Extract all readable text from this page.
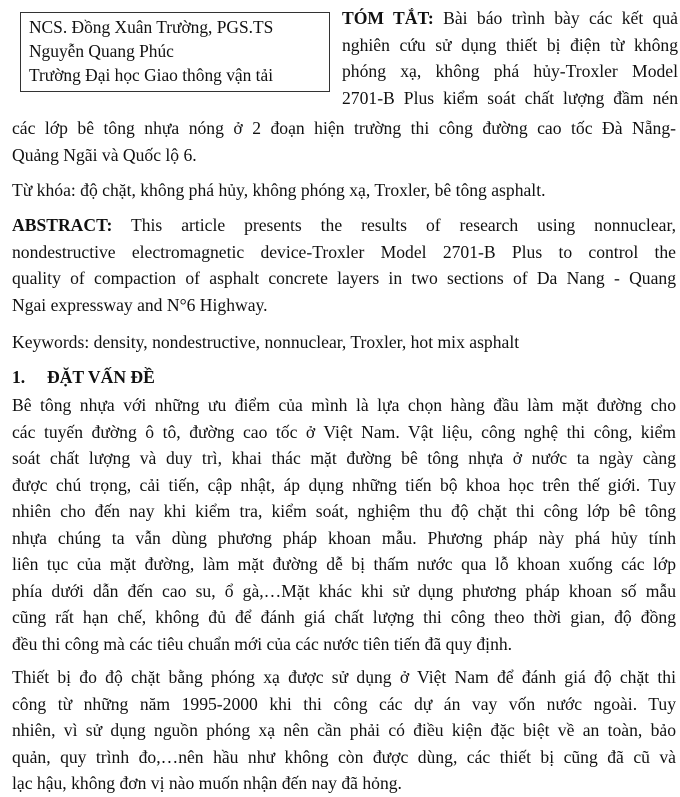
NCS. Đồng Xuân Trường, PGS.TS
Nguyễn Quang Phúc
Trường Đại học Giao thông vận tải
TÓM TẮT: Bài báo trình bày các kết quả
nghiên cứu sử dụng thiết bị điện từ không
phóng xạ, không phá hủy-Troxler Model
2701-B Plus kiểm soát chất lượng đầm nén
các lớp bê tông nhựa nóng ở 2 đoạn hiện trường thi công đường cao tốc Đà Nẵng-
Quảng Ngãi và Quốc lộ 6.
Từ khóa: độ chặt, không phá hủy, không phóng xạ, Troxler, bê tông asphalt.
ABSTRACT: This article presents the results of research using nonnuclear,
nondestructive electromagnetic device-Troxler Model 2701-B Plus to control the
quality of compaction of asphalt concrete layers in two sections of Da Nang - Quang
Ngai expressway and N°6 Highway.
Keywords: density, nondestructive, nonnuclear, Troxler, hot mix asphalt
1. ĐẶT VẤN ĐỀ
Bê tông nhựa với những ưu điểm của mình là lựa chọn hàng đầu làm mặt đường cho
các tuyến đường ô tô, đường cao tốc ở Việt Nam. Vật liệu, công nghệ thi công, kiểm
soát chất lượng và duy trì, khai thác mặt đường bê tông nhựa ở nước ta ngày càng
được chú trọng, cải tiến, cập nhật, áp dụng những tiến bộ khoa học trên thế giới. Tuy
nhiên cho đến nay khi kiểm tra, kiểm soát, nghiệm thu độ chặt thi công lớp bê tông
nhựa chúng ta vẫn dùng phương pháp khoan mẫu. Phương pháp này phá hủy tính
liên tục của mặt đường, làm mặt đường dễ bị thấm nước qua lỗ khoan xuống các lớp
phía dưới dẫn đến cao su, ổ gà,…Mặt khác khi sử dụng phương pháp khoan số mẫu
cũng rất hạn chế, không đủ để đánh giá chất lượng thi công theo thời gian, độ đồng
đều thi công mà các tiêu chuẩn mới của các nước tiên tiến đã quy định.
Thiết bị đo độ chặt bằng phóng xạ được sử dụng ở Việt Nam để đánh giá độ chặt thi
công từ những năm 1995-2000 khi thi công các dự án vay vốn nước ngoài. Tuy
nhiên, vì sử dụng nguồn phóng xạ nên cần phải có điều kiện đặc biệt về an toàn, bảo
quản, quy trình đo,…nên hầu như không còn được dùng, các thiết bị cũng đã cũ và
lạc hậu, không đơn vị nào muốn nhận đến nay đã hỏng.
